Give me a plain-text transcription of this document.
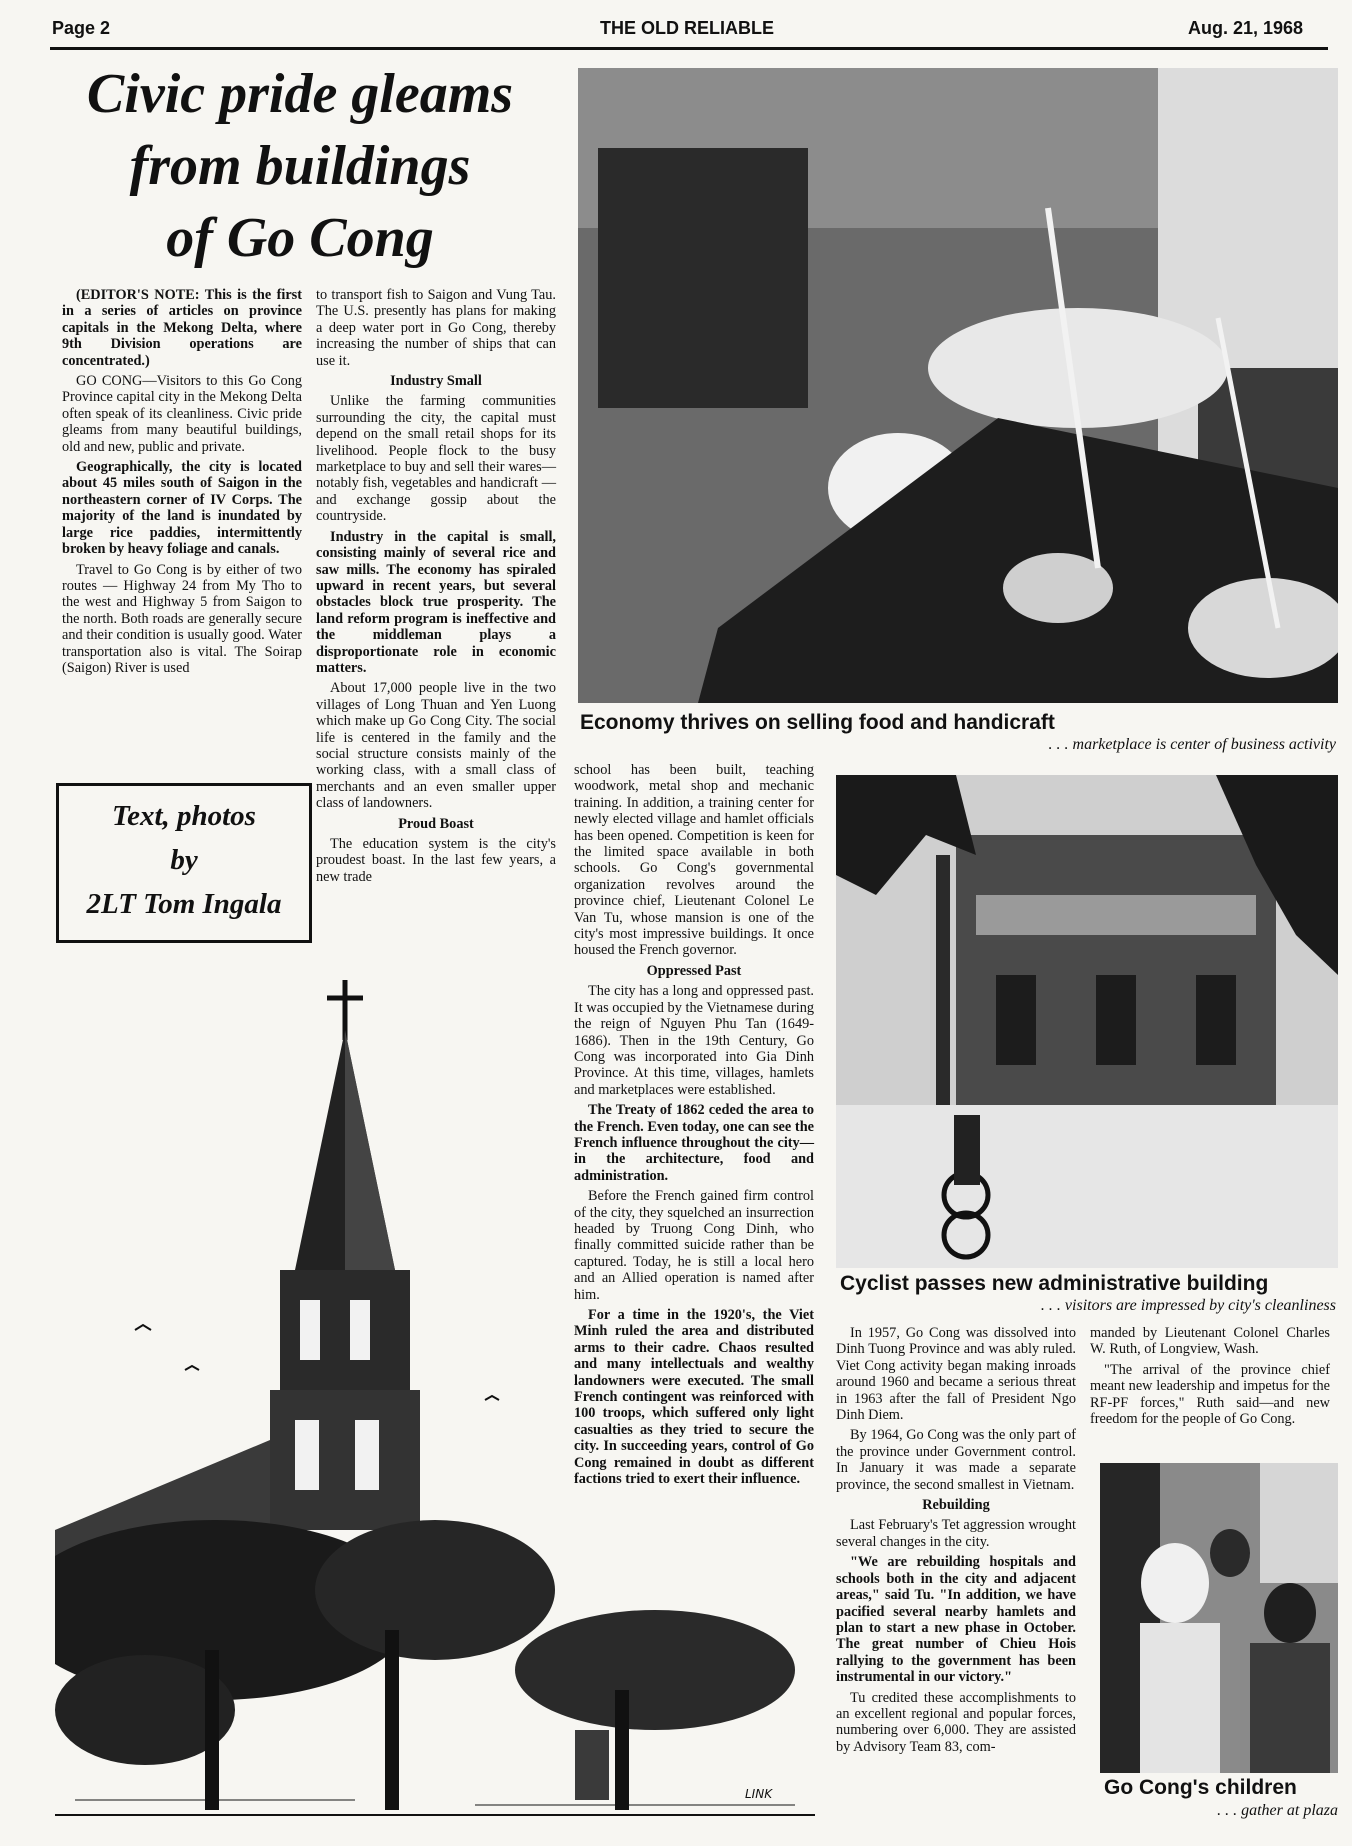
Page 2	THE OLD RELIABLE	Aug. 21, 1968
Civic pride gleams
from buildings
of Go Cong

(EDITOR'S NOTE: This is the first in a series of articles on province capitals in the Mekong Delta, where 9th Division operations are concentrated.)

GO CONG—Visitors to this Go Cong Province capital city in the Mekong Delta often speak of its cleanliness. Civic pride gleams from many beautiful buildings, old and new, public and private.

Geographically, the city is located about 45 miles south of Saigon in the northeastern corner of IV Corps. The majority of the land is inundated by large rice paddies, intermittently broken by heavy foliage and canals.

Travel to Go Cong is by either of two routes — Highway 24 from My Tho to the west and Highway 5 from Saigon to the north. Both roads are generally secure and their condition is usually good. Water transportation also is vital. The Soirap (Saigon) River is used

to transport fish to Saigon and Vung Tau. The U.S. presently has plans for making a deep water port in Go Cong, thereby increasing the number of ships that can use it.

Industry Small

Unlike the farming communities surrounding the city, the capital must depend on the small retail shops for its livelihood. People flock to the busy marketplace to buy and sell their wares—notably fish, vegetables and handicraft — and exchange gossip about the countryside.

Industry in the capital is small, consisting mainly of several rice and saw mills. The economy has spiraled upward in recent years, but several obstacles block true prosperity. The land reform program is ineffective and the middleman plays a disproportionate role in economic matters.

About 17,000 people live in the two villages of Long Thuan and Yen Luong which make up Go Cong City. The social life is centered in the family and the social structure consists mainly of the working class, with a small class of merchants and an even smaller upper class of landowners.

Proud Boast

The education system is the city's proudest boast. In the last few years, a new trade

school has been built, teaching woodwork, metal shop and mechanic training. In addition, a training center for newly elected village and hamlet officials has been opened. Competition is keen for the limited space available in both schools. Go Cong's governmental organization revolves around the province chief, Lieutenant Colonel Le Van Tu, whose mansion is one of the city's most impressive buildings. It once housed the French governor.

Oppressed Past

The city has a long and oppressed past. It was occupied by the Vietnamese during the reign of Nguyen Phu Tan (1649-1686). Then in the 19th Century, Go Cong was incorporated into Gia Dinh Province. At this time, villages, hamlets and marketplaces were established.

The Treaty of 1862 ceded the area to the French. Even today, one can see the French influence throughout the city—in the architecture, food and administration.

Before the French gained firm control of the city, they squelched an insurrection headed by Truong Cong Dinh, who finally committed suicide rather than be captured. Today, he is still a local hero and an Allied operation is named after him.

For a time in the 1920's, the Viet Minh ruled the area and distributed arms to their cadre. Chaos resulted and many intellectuals and wealthy landowners were executed. The small French contingent was reinforced with 100 troops, which suffered only light casualties as they tried to secure the city. In succeeding years, control of Go Cong remained in doubt as different factions tried to exert their influence.

In 1957, Go Cong was dissolved into Dinh Tuong Province and was ably ruled. Viet Cong activity began making inroads around 1960 and became a serious threat in 1963 after the fall of President Ngo Dinh Diem.

By 1964, Go Cong was the only part of the province under Government control. In January it was made a separate province, the second smallest in Vietnam.

Rebuilding

Last February's Tet aggression wrought several changes in the city.

"We are rebuilding hospitals and schools both in the city and adjacent areas," said Tu. "In addition, we have pacified several nearby hamlets and plan to start a new phase in October. The great number of Chieu Hois rallying to the government has been instrumental in our victory."

Tu credited these accomplishments to an excellent regional and popular forces, numbering over 6,000. They are assisted by Advisory Team 83, com-

manded by Lieutenant Colonel Charles W. Ruth, of Longview, Wash.

"The arrival of the province chief meant new leadership and impetus for the RF-PF forces," Ruth said—and new freedom for the people of Go Cong.

Text, photos
by
2LT Tom Ingala
Economy thrives on selling food and handicraft
. . . marketplace is center of business activity
Cyclist passes new administrative building
. . . visitors are impressed by city's cleanliness
Go Cong's children
. . . gather at plaza
LINK
